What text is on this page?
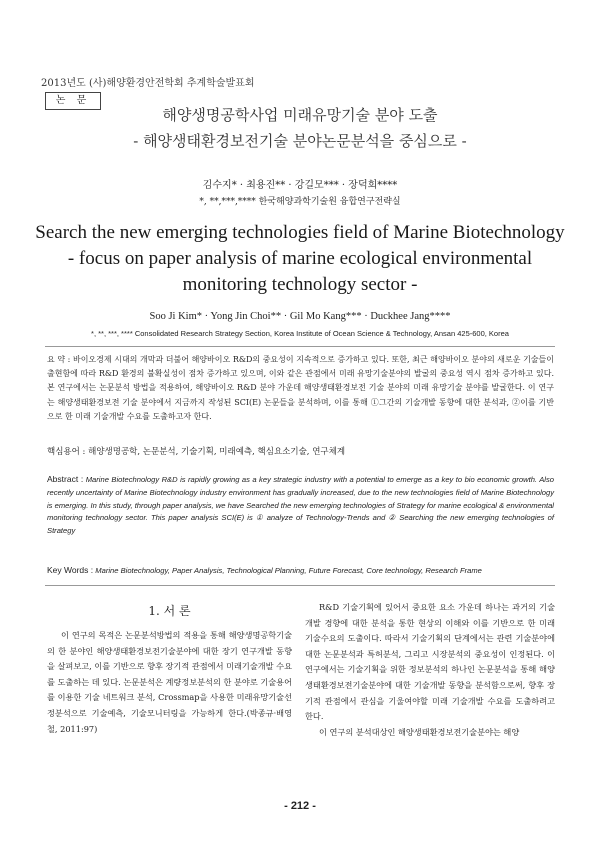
2013년도 (사)해양환경안전학회 추계학술발표회
논 문
해양생명공학사업 미래유망기술 분야 도출
- 해양생태환경보전기술 분야논문분석을 중심으로 -
김수지* · 최용진** · 강길모*** · 장덕희****
*, **,***,**** 한국해양과학기술원 융합연구전략실
Search the new emerging technologies field of Marine Biotechnology
- focus on paper analysis of marine ecological environmental
monitoring technology sector -
Soo Ji Kim* · Yong Jin Choi** · Gil Mo Kang*** · Duckhee Jang****
*, **, ***, **** Consolidated Research Strategy Section, Korea Institute of Ocean Science & Technology, Ansan 425-600, Korea
요 약 : 바이오경제 시대의 개막과 더불어 해양바이오 R&D의 중요성이 지속적으로 증가하고 있다. 또한, 최근 해양바이오 분야의 새로운 기술들이 출현함에 따라 R&D 환경의 불확실성이 점차 증가하고 있으며, 이와 같은 관점에서 미래 유망기술분야의 발굴의 중요성 역시 점차 증가하고 있다. 본 연구에서는 논문분석 방법을 적용하여, 해양바이오 R&D 분야 가운데 해양생태환경보전 기술 분야의 미래 유망기술 분야를 발굴한다. 이 연구는 해양생태환경보전 기술 분야에서 지금까지 작성된 SCI(E) 논문들을 분석하며, 이를 통해 ①그간의 기술개발 동향에 대한 분석과, ②이를 기반으로 한 미래 기술개발 수요를 도출하고자 한다.
핵심용어 : 해양생명공학, 논문분석, 기술기획, 미래예측, 핵심요소기술, 연구체계
Abstract : Marine Biotechnology R&D is rapidly growing as a key strategic industry with a potential to emerge as a key to bio economic growth. Also recently uncertainty of Marine Biotechnology industry environment has gradually increased, due to the new technologies field of Marine Biotechnology is emerging. In this study, through paper analysis, we have Searched the new emerging technologies of Strategy for marine ecological & environmental monitoring technology sector. This paper analysis SCI(E) is ① analyze of Technology-Trends and ② Searching the new emerging technologies of Strategy
Key Words : Marine Biotechnology, Paper Analysis, Technological Planning, Future Forecast, Core technology, Research Frame
1. 서 론

이 연구의 목적은 논문분석방법의 적용을 통해 해양생명공학기술의 한 분야인 해양생태환경보전기술분야에 대한 장기 연구개발 동향을 살펴보고, 이를 기반으로 향후 장기적 관점에서 미래기술개발 수요를 도출하는 데 있다. 논문분석은 계량정보분석의 한 분야로 기술용어를 이용한 기술 네트워크 분석, Crossmap을 사용한 미래유망기술선정분석으로 기술예측, 기술모니터링을 가능하게 한다.(박종규·배영철, 2011:97)

R&D 기술기획에 있어서 중요한 요소 가운데 하나는 과거의 기술개발 경향에 대한 분석을 통한 현상의 이해와 이를 기반으로 한 미래 기술수요의 도출이다. 따라서 기술기획의 단계에서는 관련 기술분야에 대한 논문분석과 특허분석, 그리고 시장분석의 중요성이 인정된다. 이 연구에서는 기술기획을 위한 정보분석의 하나인 논문분석을 통해 해양생태환경보전기술분야에 대한 기술개발 동향을 분석함으로써, 향후 장기적 관점에서 관심을 기울여야할 미래 기술개발 수요를 도출하려고 한다.

이 연구의 분석대상인 해양생태환경보전기술분야는 해양

- 212 -
